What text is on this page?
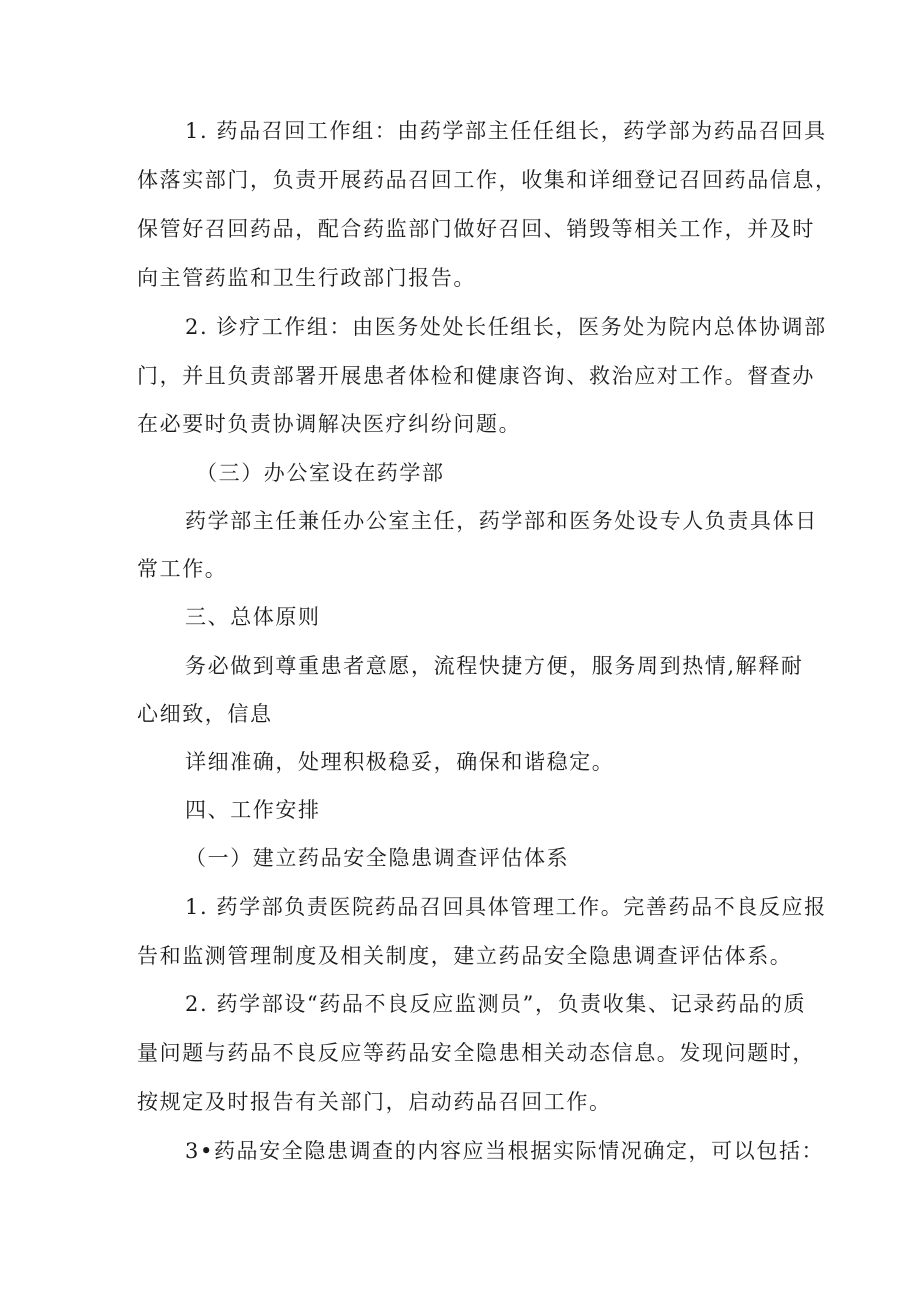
1. 药品召回工作组：由药学部主任任组长，药学部为药品召回具
体落实部门，负责开展药品召回工作，收集和详细登记召回药品信息，
保管好召回药品，配合药监部门做好召回、销毁等相关工作，并及时
向主管药监和卫生行政部门报告。
2. 诊疗工作组：由医务处处长任组长，医务处为院内总体协调部
门，并且负责部署开展患者体检和健康咨询、救治应对工作。督查办
在必要时负责协调解决医疗纠纷问题。
（三）办公室设在药学部
药学部主任兼任办公室主任，药学部和医务处设专人负责具体日
常工作。
三、总体原则
务必做到尊重患者意愿，流程快捷方便，服务周到热情,解释耐
心细致，信息
详细准确，处理积极稳妥，确保和谐稳定。
四、工作安排
（一）建立药品安全隐患调查评估体系
1. 药学部负责医院药品召回具体管理工作。完善药品不良反应报
告和监测管理制度及相关制度，建立药品安全隐患调查评估体系。
2. 药学部设“药品不良反应监测员”，负责收集、记录药品的质
量问题与药品不良反应等药品安全隐患相关动态信息。发现问题时，
按规定及时报告有关部门，启动药品召回工作。
3•药品安全隐患调查的内容应当根据实际情况确定，可以包括：
